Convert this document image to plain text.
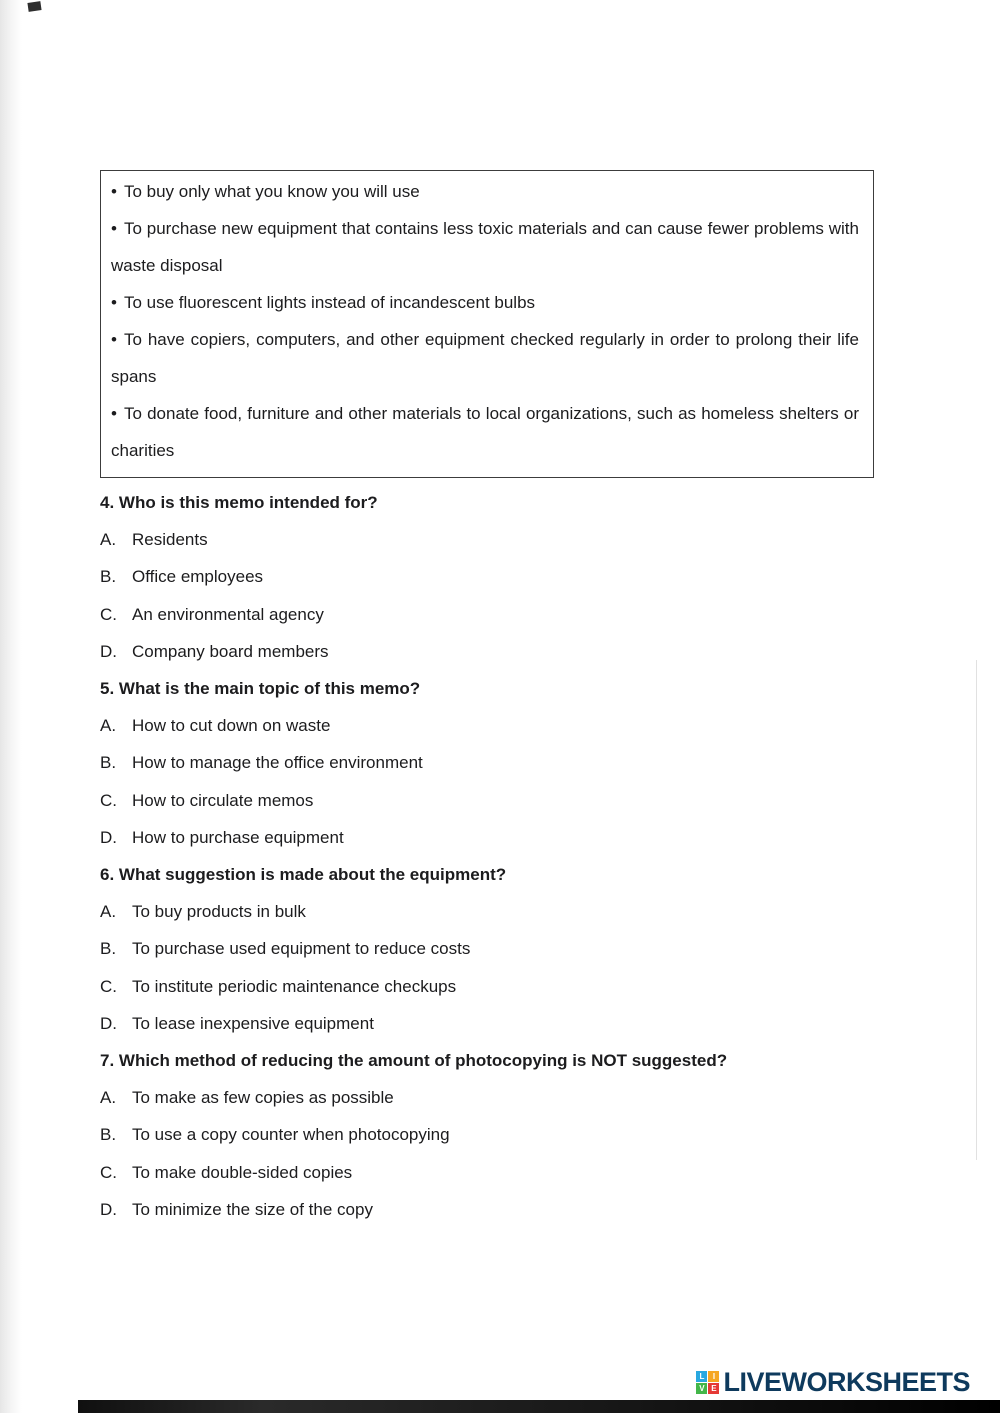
• To buy only what you know you will use

• To purchase new equipment that contains less toxic materials and can cause fewer problems with waste disposal

• To use fluorescent lights instead of incandescent bulbs

• To have copiers, computers, and other equipment checked regularly in order to prolong their life spans

• To donate food, furniture and other materials to local organizations, such as homeless shelters or charities

4. Who is this memo intended for?
A. Residents
B. Office employees
C. An environmental agency
D. Company board members
5. What is the main topic of this memo?
A. How to cut down on waste
B. How to manage the office environment
C. How to circulate memos
D. How to purchase equipment
6. What suggestion is made about the equipment?
A. To buy products in bulk
B. To purchase used equipment to reduce costs
C. To institute periodic maintenance checkups
D. To lease inexpensive equipment
7. Which method of reducing the amount of photocopying is NOT suggested?
A. To make as few copies as possible
B. To use a copy counter when photocopying
C. To make double-sided copies
D. To minimize the size of the copy
L	I
V E LIVEWORKSHEETS
